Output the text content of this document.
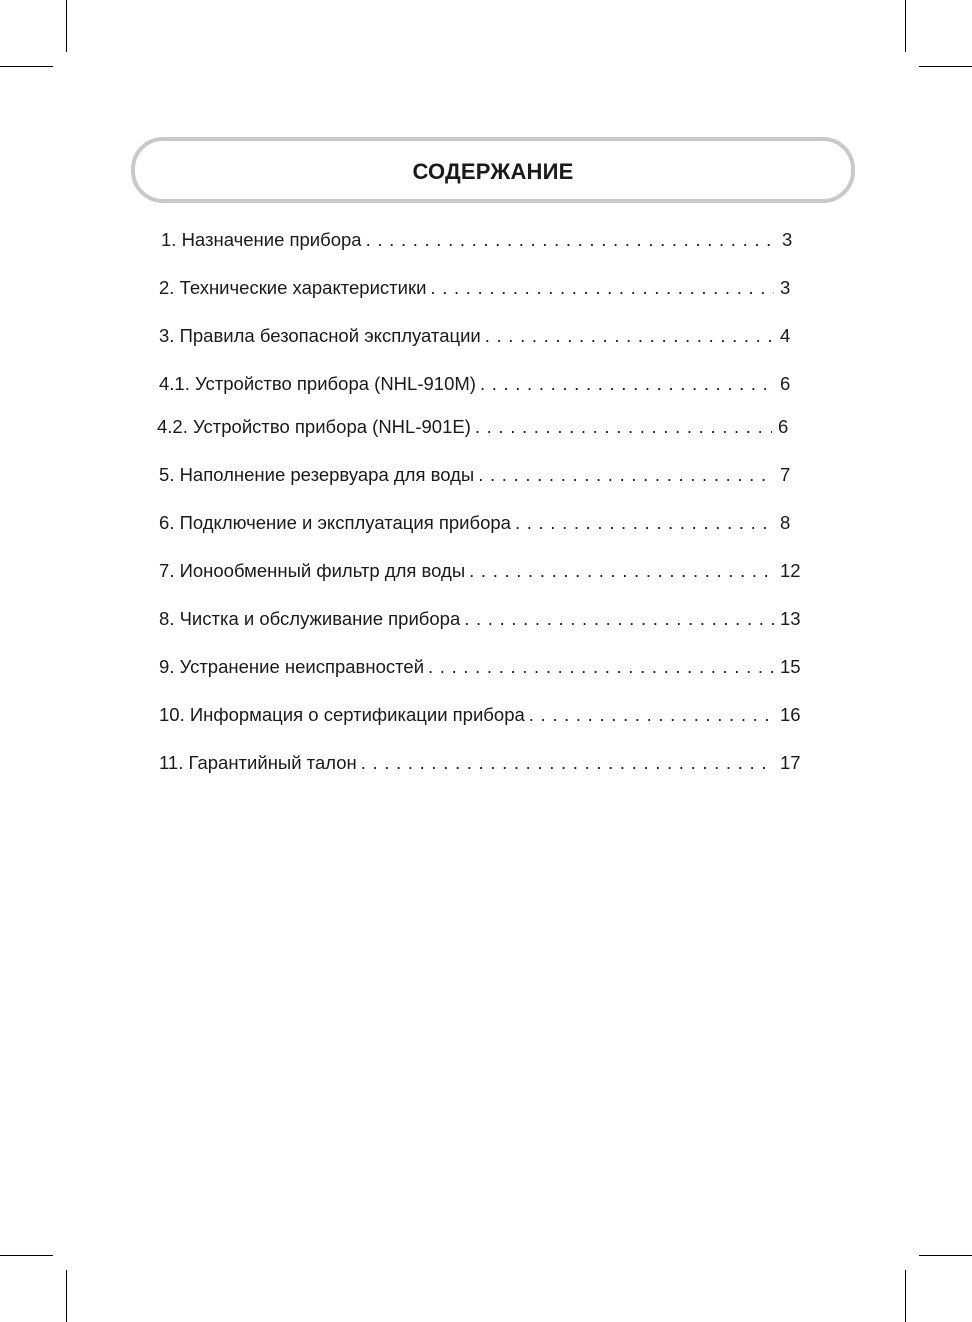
СОДЕРЖАНИЕ
1. Назначение прибора . . .	3
2. Технические характеристики . . .	3
3. Правила безопасной эксплуатации . . .	4
4.1. Устройство прибора (NHL-910M) . . .	6
4.2. Устройство прибора (NHL-901E) . . .	6
5. Наполнение резервуара для воды . . .	7
6. Подключение и эксплуатация прибора . . .	8
7. Ионообменный фильтр для воды . . .	12
8. Чистка и обслуживание прибора . . .	13
9. Устранение неисправностей . . .	15
10. Информация о сертификации прибора . . .	16
11. Гарантийный талон . . .	17
